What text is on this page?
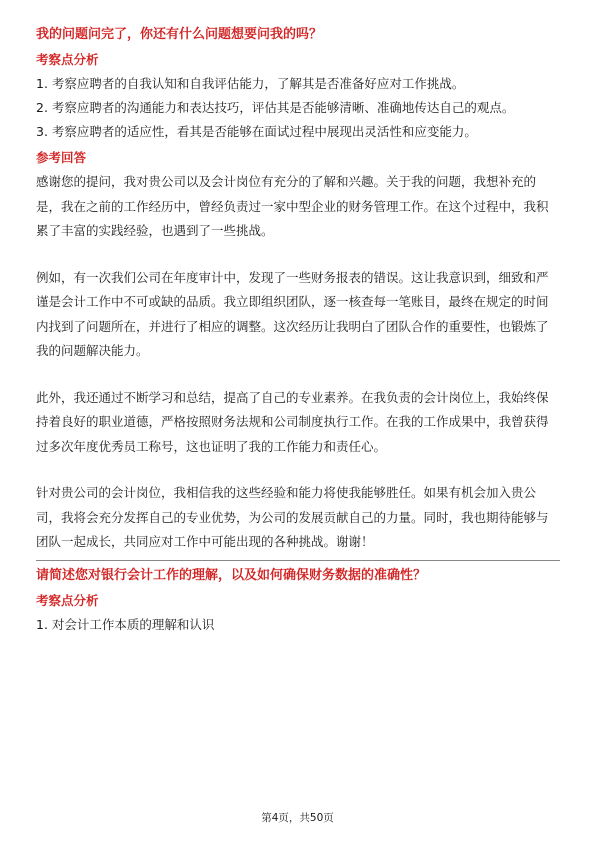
我的问题问完了，你还有什么问题想要问我的吗？

考察点分析

1. 考察应聘者的自我认知和自我评估能力，了解其是否准备好应对工作挑战。

2. 考察应聘者的沟通能力和表达技巧，评估其是否能够清晰、准确地传达自己的观点。

3. 考察应聘者的适应性，看其是否能够在面试过程中展现出灵活性和应变能力。

参考回答

感谢您的提问，我对贵公司以及会计岗位有充分的了解和兴趣。关于我的问题，我想补充的是，我在之前的工作经历中，曾经负责过一家中型企业的财务管理工作。在这个过程中，我积累了丰富的实践经验，也遇到了一些挑战。

例如，有一次我们公司在年度审计中，发现了一些财务报表的错误。这让我意识到，细致和严谨是会计工作中不可或缺的品质。我立即组织团队，逐一核查每一笔账目，最终在规定的时间内找到了问题所在，并进行了相应的调整。这次经历让我明白了团队合作的重要性，也锻炼了我的问题解决能力。

此外，我还通过不断学习和总结，提高了自己的专业素养。在我负责的会计岗位上，我始终保持着良好的职业道德，严格按照财务法规和公司制度执行工作。在我的工作成果中，我曾获得过多次年度优秀员工称号，这也证明了我的工作能力和责任心。

针对贵公司的会计岗位，我相信我的这些经验和能力将使我能够胜任。如果有机会加入贵公司，我将会充分发挥自己的专业优势，为公司的发展贡献自己的力量。同时，我也期待能够与团队一起成长，共同应对工作中可能出现的各种挑战。谢谢！

请简述您对银行会计工作的理解，以及如何确保财务数据的准确性？

考察点分析

1. 对会计工作本质的理解和认识

第4页，共50页
